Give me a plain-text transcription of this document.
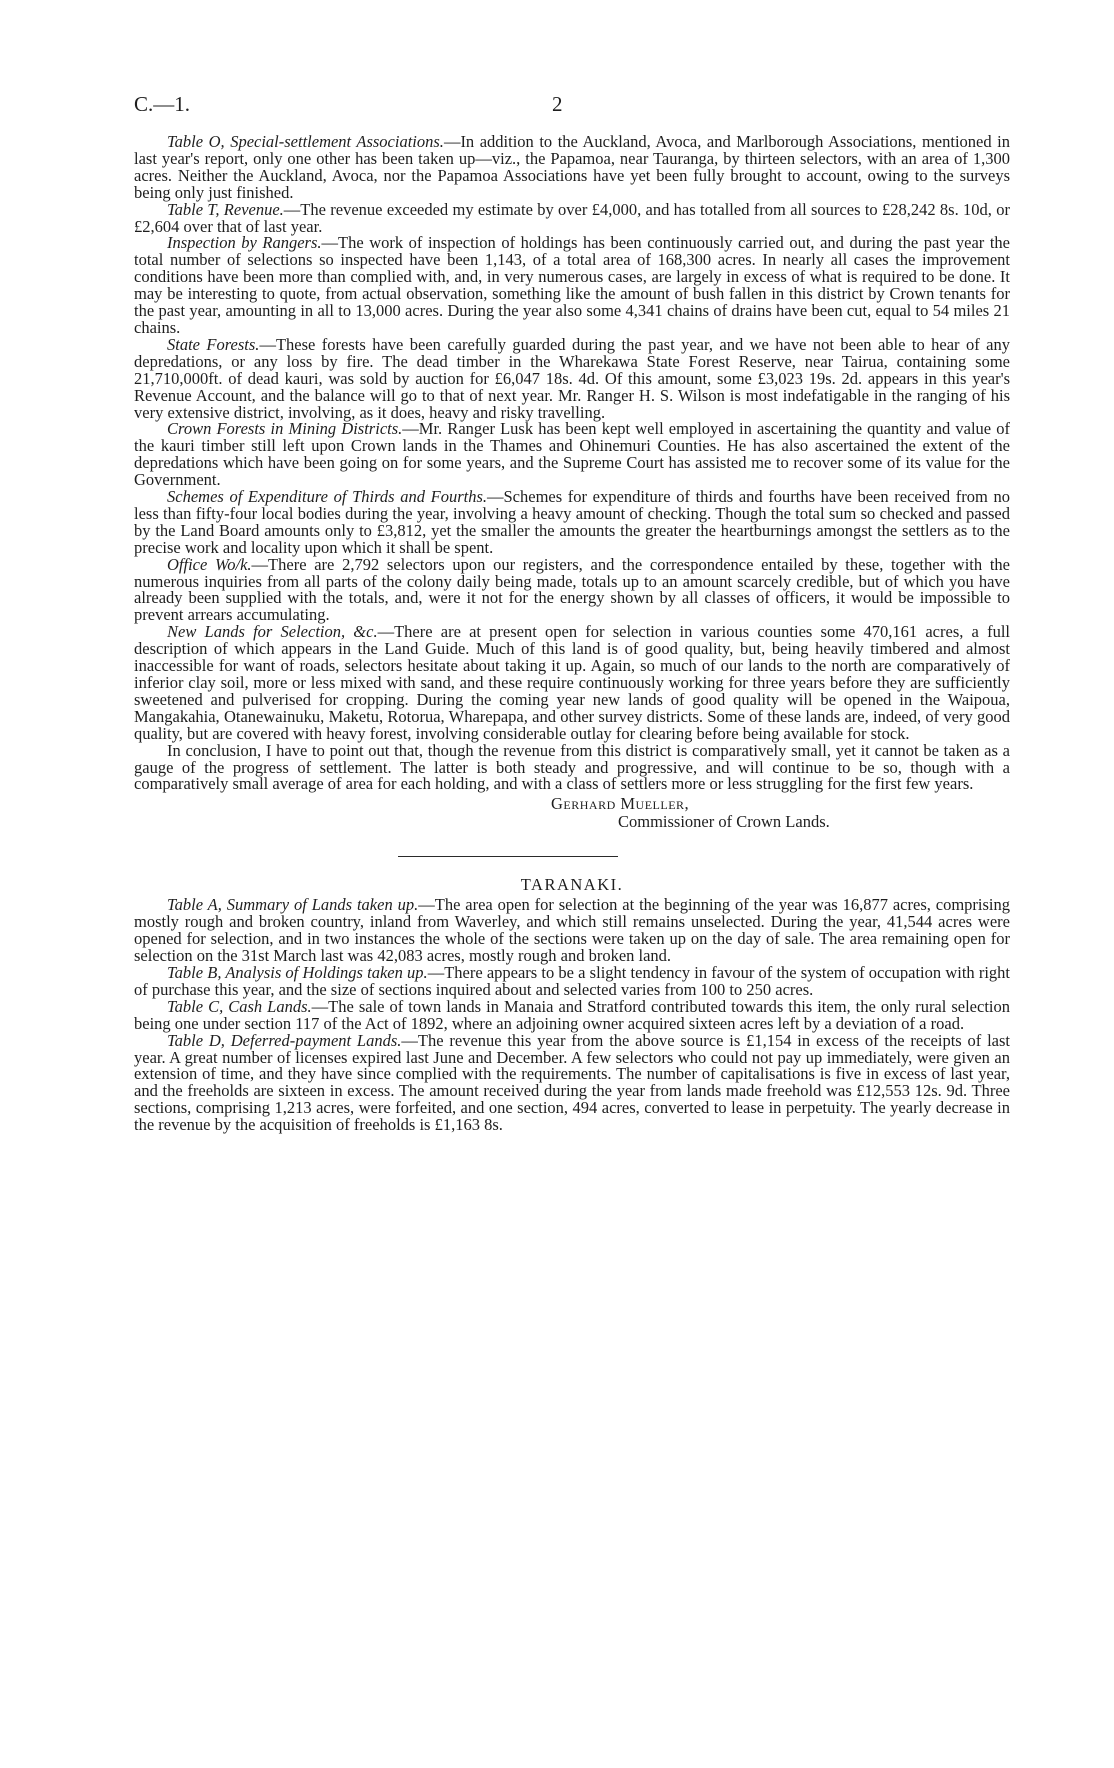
C.—1.	2

Table O, Special-settlement Associations.—In addition to the Auckland, Avoca, and Marlborough Associations, mentioned in last year's report, only one other has been taken up—viz., the Papamoa, near Tauranga, by thirteen selectors, with an area of 1,300 acres. Neither the Auckland, Avoca, nor the Papamoa Associations have yet been fully brought to account, owing to the surveys being only just finished.

Table T, Revenue.—The revenue exceeded my estimate by over £4,000, and has totalled from all sources to £28,242 8s. 10d, or £2,604 over that of last year.

Inspection by Rangers.—The work of inspection of holdings has been continuously carried out, and during the past year the total number of selections so inspected have been 1,143, of a total area of 168,300 acres. In nearly all cases the improvement conditions have been more than complied with, and, in very numerous cases, are largely in excess of what is required to be done. It may be interesting to quote, from actual observation, something like the amount of bush fallen in this district by Crown tenants for the past year, amounting in all to 13,000 acres. During the year also some 4,341 chains of drains have been cut, equal to 54 miles 21 chains.

State Forests.—These forests have been carefully guarded during the past year, and we have not been able to hear of any depredations, or any loss by fire. The dead timber in the Wharekawa State Forest Reserve, near Tairua, containing some 21,710,000ft. of dead kauri, was sold by auction for £6,047 18s. 4d. Of this amount, some £3,023 19s. 2d. appears in this year's Revenue Account, and the balance will go to that of next year. Mr. Ranger H. S. Wilson is most indefatigable in the ranging of his very extensive district, involving, as it does, heavy and risky travelling.

Crown Forests in Mining Districts.—Mr. Ranger Lusk has been kept well employed in ascertaining the quantity and value of the kauri timber still left upon Crown lands in the Thames and Ohinemuri Counties. He has also ascertained the extent of the depredations which have been going on for some years, and the Supreme Court has assisted me to recover some of its value for the Government.

Schemes of Expenditure of Thirds and Fourths.—Schemes for expenditure of thirds and fourths have been received from no less than fifty-four local bodies during the year, involving a heavy amount of checking. Though the total sum so checked and passed by the Land Board amounts only to £3,812, yet the smaller the amounts the greater the heartburnings amongst the settlers as to the precise work and locality upon which it shall be spent.

Office Wo/k.—There are 2,792 selectors upon our registers, and the correspondence entailed by these, together with the numerous inquiries from all parts of the colony daily being made, totals up to an amount scarcely credible, but of which you have already been supplied with the totals, and, were it not for the energy shown by all classes of officers, it would be impossible to prevent arrears accumulating.

New Lands for Selection, &c.—There are at present open for selection in various counties some 470,161 acres, a full description of which appears in the Land Guide. Much of this land is of good quality, but, being heavily timbered and almost inaccessible for want of roads, selectors hesitate about taking it up. Again, so much of our lands to the north are comparatively of inferior clay soil, more or less mixed with sand, and these require continuously working for three years before they are sufficiently sweetened and pulverised for cropping. During the coming year new lands of good quality will be opened in the Waipoua, Mangakahia, Otanewainuku, Maketu, Rotorua, Wharepapa, and other survey districts. Some of these lands are, indeed, of very good quality, but are covered with heavy forest, involving considerable outlay for clearing before being available for stock.

In conclusion, I have to point out that, though the revenue from this district is comparatively small, yet it cannot be taken as a gauge of the progress of settlement. The latter is both steady and progressive, and will continue to be so, though with a comparatively small average of area for each holding, and with a class of settlers more or less struggling for the first few years.

Gerhard Mueller,
Commissioner of Crown Lands.
TARANAKI.

Table A, Summary of Lands taken up.—The area open for selection at the beginning of the year was 16,877 acres, comprising mostly rough and broken country, inland from Waverley, and which still remains unselected. During the year, 41,544 acres were opened for selection, and in two instances the whole of the sections were taken up on the day of sale. The area remaining open for selection on the 31st March last was 42,083 acres, mostly rough and broken land.

Table B, Analysis of Holdings taken up.—There appears to be a slight tendency in favour of the system of occupation with right of purchase this year, and the size of sections inquired about and selected varies from 100 to 250 acres.

Table C, Cash Lands.—The sale of town lands in Manaia and Stratford contributed towards this item, the only rural selection being one under section 117 of the Act of 1892, where an adjoining owner acquired sixteen acres left by a deviation of a road.

Table D, Deferred-payment Lands.—The revenue this year from the above source is £1,154 in excess of the receipts of last year. A great number of licenses expired last June and December. A few selectors who could not pay up immediately, were given an extension of time, and they have since complied with the requirements. The number of capitalisations is five in excess of last year, and the freeholds are sixteen in excess. The amount received during the year from lands made freehold was £12,553 12s. 9d. Three sections, comprising 1,213 acres, were forfeited, and one section, 494 acres, converted to lease in perpetuity. The yearly decrease in the revenue by the acquisition of freeholds is £1,163 8s.
